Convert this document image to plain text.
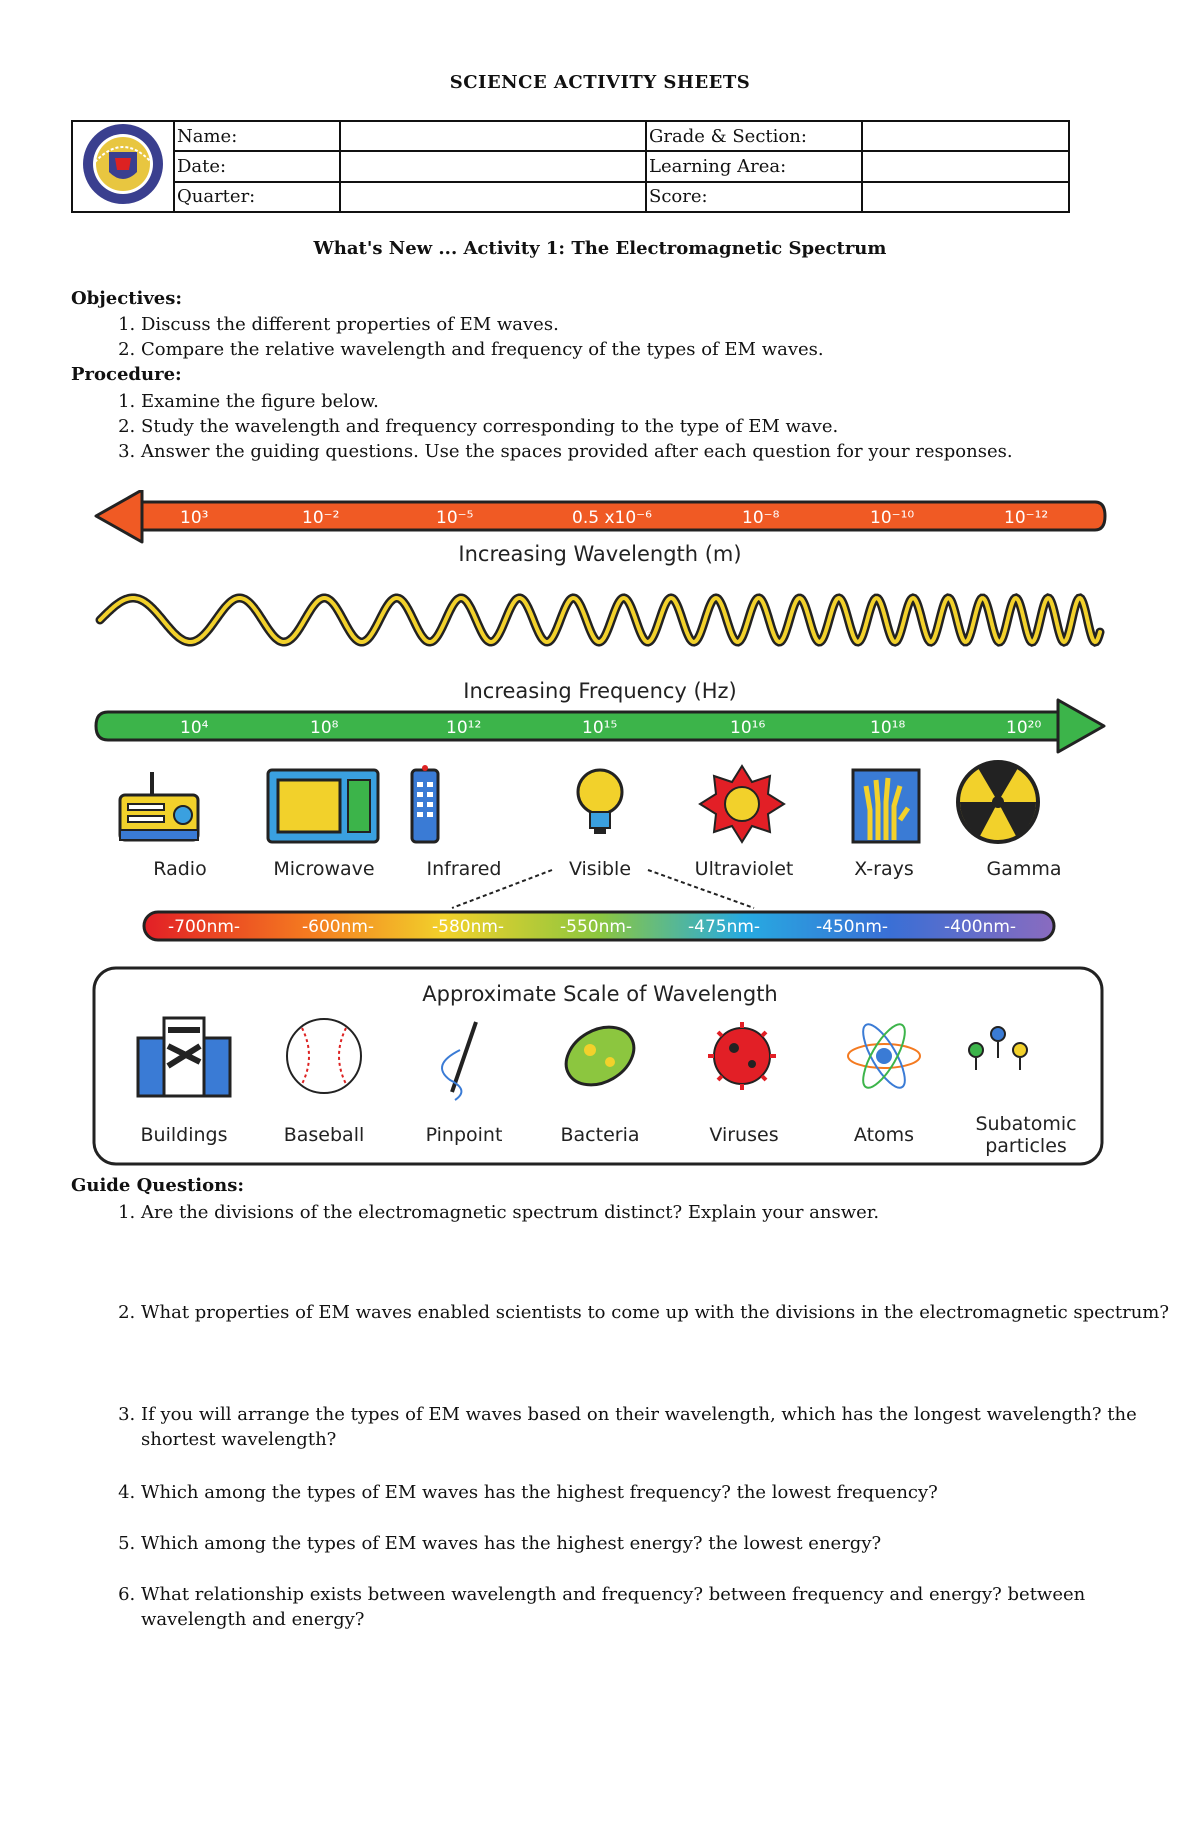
SCIENCE ACTIVITY SHEETS
	Name:		Grade & Section:	
	Date:		Learning Area:	
	Quarter:		Score:	
What's New ... Activity 1: The Electromagnetic Spectrum
Objectives:
1. Discuss the different properties of EM waves.
2. Compare the relative wavelength and frequency of the types of EM waves.
Procedure:
1. Examine the figure below.
2. Study the wavelength and frequency corresponding to the type of EM wave.
3. Answer the guiding questions. Use the spaces provided after each question for your responses.
10³	10⁻²	10⁻⁵	0.5 x10⁻⁶	10⁻⁸	10⁻¹⁰	10⁻¹²
Increasing Wavelength (m)
Increasing Frequency (Hz)
10⁴	10⁸	10¹²	10¹⁵	10¹⁶	10¹⁸	10²⁰
Radio	Microwave	Infrared	Visible	Ultraviolet	X-rays	Gamma
-700nm-	-600nm-	-580nm-	-550nm-	-475nm-	-450nm-	-400nm-
Approximate Scale of Wavelength
Buildings	Baseball	Pinpoint	Bacteria	Viruses	Atoms	Subatomic
particles
Guide Questions:
1. Are the divisions of the electromagnetic spectrum distinct? Explain your answer.
2. What properties of EM waves enabled scientists to come up with the divisions in the electromagnetic spectrum?
3. If you will arrange the types of EM waves based on their wavelength, which has the longest wavelength? the shortest wavelength?
4. Which among the types of EM waves has the highest frequency? the lowest frequency?
5. Which among the types of EM waves has the highest energy? the lowest energy?
6. What relationship exists between wavelength and frequency? between frequency and energy? between wavelength and energy?
